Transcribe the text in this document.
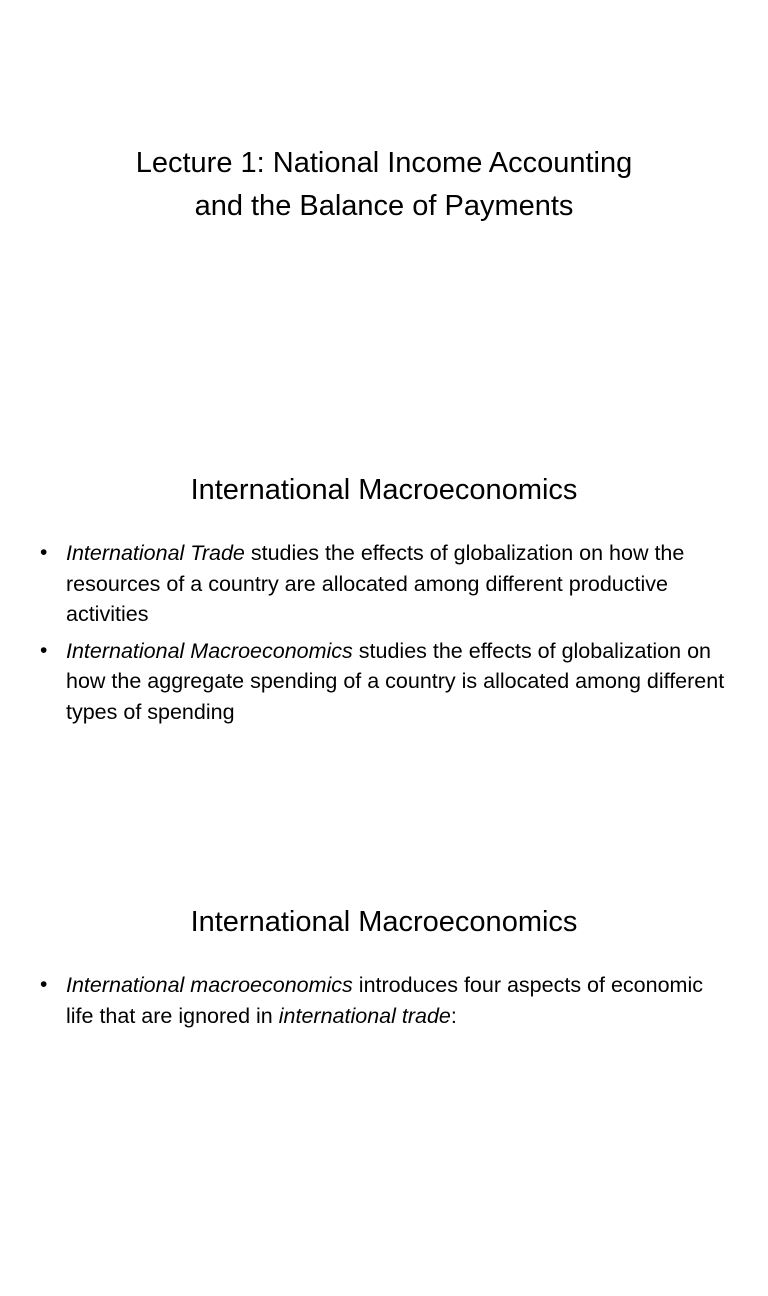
Lecture 1: National Income Accounting
and the Balance of Payments
International Macroeconomics
• International Trade studies the effects of globalization on how the resources of a country are allocated among different productive activities
• International Macroeconomics studies the effects of globalization on how the aggregate spending of a country is allocated among different types of spending
International Macroeconomics
• International macroeconomics introduces four aspects of economic life that are ignored in international trade:
